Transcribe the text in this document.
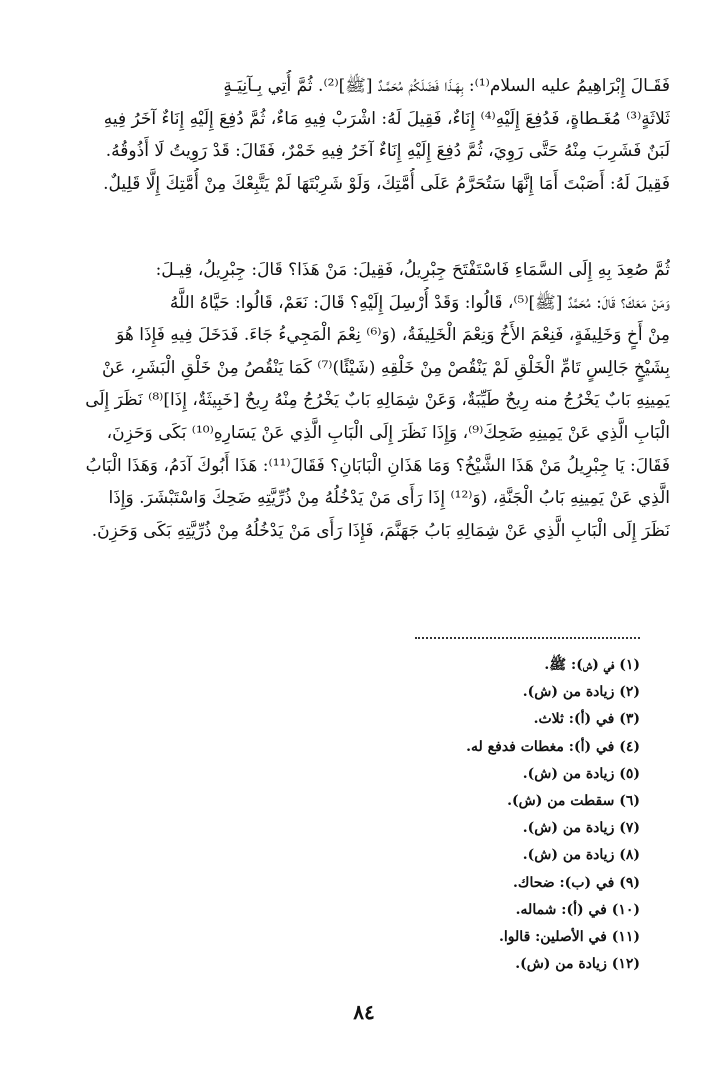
فَقَـالَ إِبْرَاهِيمُ عليه السلام⁽¹⁾: بِهَـذَا فَضَلَكُمْ مُحَمَّـدٌ [ﷺ]⁽²⁾. ثُمَّ أُتِي بِـآنِيَـةٍ
ثَلاثَةٍ⁽³⁾ مُغَـطاةٍ، فَدُفِعَ إِلَيْهِ⁽⁴⁾ إِنَاءٌ، فَقِيلَ لَهُ: اشْرَبْ فِيهِ مَاءٌ، ثُمَّ دُفِعَ إِلَيْهِ إِنَاءٌ آخَرُ فِيهِ
لَبَنٌ فَشَرِبَ مِنْهُ حَتَّى رَوِيَ، ثُمَّ دُفِعَ إِلَيْهِ إِنَاءٌ آخَرُ فِيهِ خَمْرٌ، فَقَالَ: قَدْ رَوِيتُ لَا أَذُوقُهُ.
فَقِيلَ لَهُ: أَصَبْتَ أَمَا إِنَّهَا سَتُحَرَّمُ عَلَى أُمَّتِكَ، وَلَوْ شَرِبْتَهَا لَمْ يَتَّبِعْكَ مِنْ أُمَّتِكَ إِلَّا قَلِيلٌ.
ثُمَّ صُعِدَ بِهِ إِلَى السَّمَاءِ فَاسْتَفْتَحَ جِبْرِيلُ، فَقِيلَ: مَنْ هَذَا؟ قَالَ: جِبْرِيلُ، قِيـلَ:
وَمَنْ مَعَكَ؟ قَالَ: مُحَمَّدٌ [ﷺ]⁽⁵⁾، قَالُوا: وَقَدْ أُرْسِلَ إِلَيْهِ؟ قَالَ: نَعَمْ، قَالُوا: حَيَّاهُ اللَّهُ
مِنْ أَخٍ وَخَلِيفَةٍ، فَنِعْمَ الأَخُ وَنِعْمَ الْخَلِيفَةُ، (وَ⁽⁶⁾ نِعْمَ الْمَجِيءُ جَاءَ. فَدَخَلَ فِيهِ فَإِذَا هُوَ
بِشَيْخٍ جَالِسٍ تَامِّ الْخَلْقِ لَمْ يَنْقُصْ مِنْ خَلْقِهِ (شَيْئًا)⁽⁷⁾ كَمَا يَنْقُصُ مِنْ خَلْقِ الْبَشَرِ، عَنْ
يَمِينِهِ بَابٌ يَخْرُجُ منه رِيحٌ طَيِّبَةٌ، وَعَنْ شِمَالِهِ بَابٌ يَخْرُجُ مِنْهُ رِيحٌ [خَبِيثَةٌ، إِذَا]⁽⁸⁾ نَظَرَ إِلَى
الْبَابِ الَّذِي عَنْ يَمِينِهِ ضَحِكَ⁽⁹⁾، وَإِذَا نَظَرَ إِلَى الْبَابِ الَّذِي عَنْ يَسَارِهِ⁽¹⁰⁾ بَكَى وَحَزِنَ،
فَقَالَ: يَا جِبْرِيلُ مَنْ هَذَا الشَّيْخُ؟ وَمَا هَذَانِ الْبَابَانِ؟ فَقَالَ⁽¹¹⁾: هَذَا أَبُوكَ آدَمُ، وَهَذَا الْبَابُ
الَّذِي عَنْ يَمِينِهِ بَابُ الْجَنَّةِ، (وَ⁽¹²⁾ إِذَا رَأَى مَنْ يَدْخُلُهُ مِنْ ذُرِّيَّتِهِ ضَحِكَ وَاسْتَبْشَرَ. وَإِذَا
نَظَرَ إِلَى الْبَابِ الَّذِي عَنْ شِمَالِهِ بَابُ جَهَنَّمَ، فَإِذَا رَأَى مَنْ يَدْخُلُهُ مِنْ ذُرِّيَّتِهِ بَكَى وَحَزِنَ.
(١) في (ش): ﷺ.
(٢) زيادة من (ش).
(٣) في (أ): ثلاث.
(٤) في (أ): مغطات فدفع له.
(٥) زيادة من (ش).
(٦) سقطت من (ش).
(٧) زيادة من (ش).
(٨) زيادة من (ش).
(٩) في (ب): ضحاك.
(١٠) في (أ): شماله.
(١١) في الأصلين: قالوا.
(١٢) زيادة من (ش).
٨٤
